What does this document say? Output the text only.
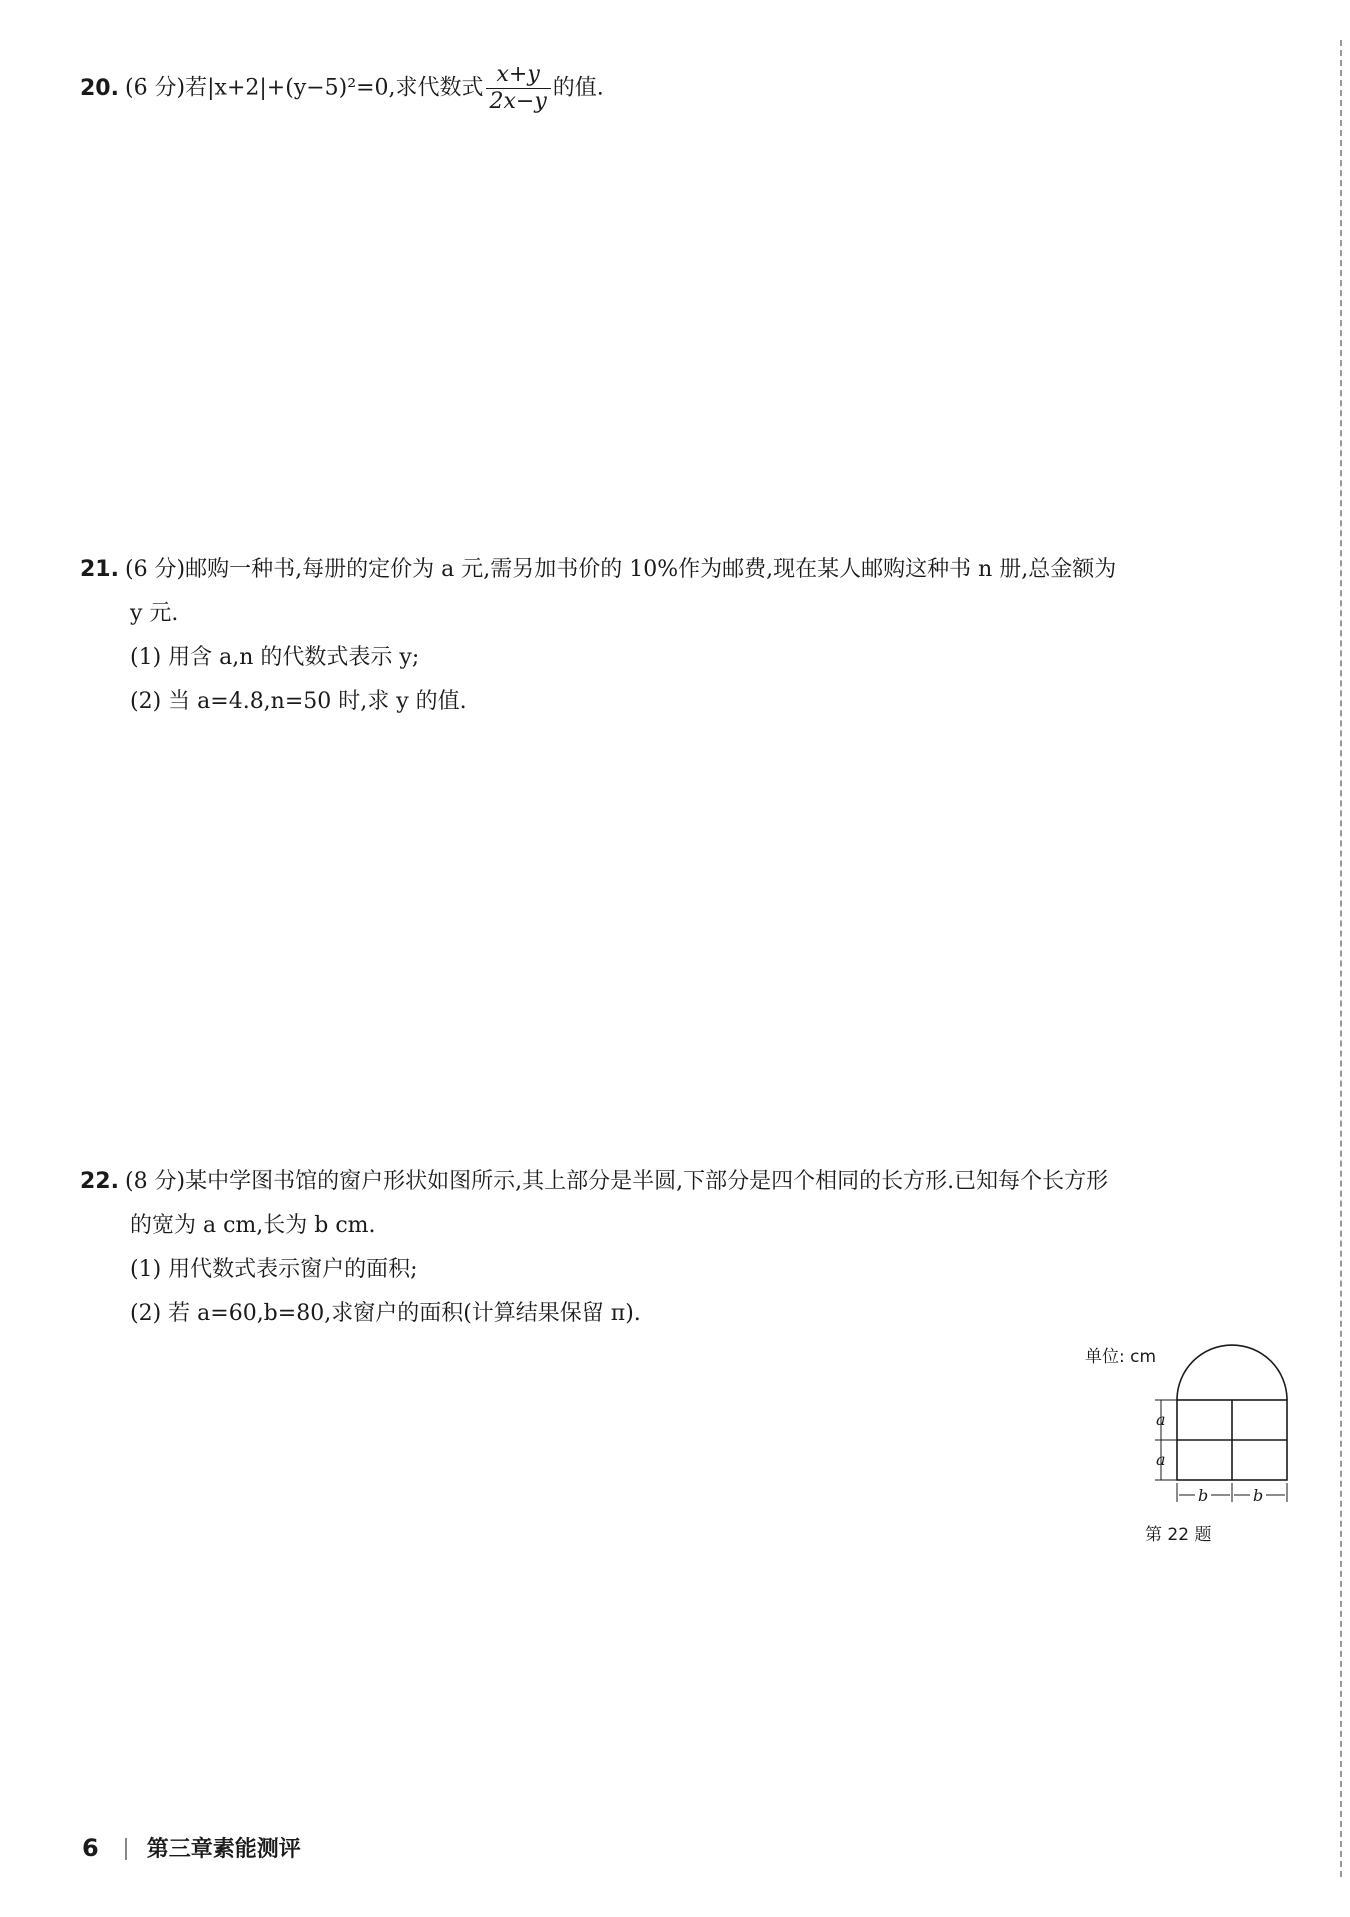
20. (6 分)若|x+2|+(y−5)²=0,求代数式 $\frac{x+y}{2x-y}$ 的值.
21. (6 分)邮购一种书,每册的定价为 a 元,需另加书价的 10%作为邮费,现在某人邮购这种书 n 册,总金额为
y 元.
(1) 用含 a,n 的代数式表示 y;
(2) 当 a=4.8,n=50 时,求 y 的值.
22. (8 分)某中学图书馆的窗户形状如图所示,其上部分是半圆,下部分是四个相同的长方形.已知每个长方形
的宽为 a cm,长为 b cm.
(1) 用代数式表示窗户的面积;
(2) 若 a=60,b=80,求窗户的面积(计算结果保留 π).
单位: cm
a
a
b	b
第 22 题
6 第三章素能测评
